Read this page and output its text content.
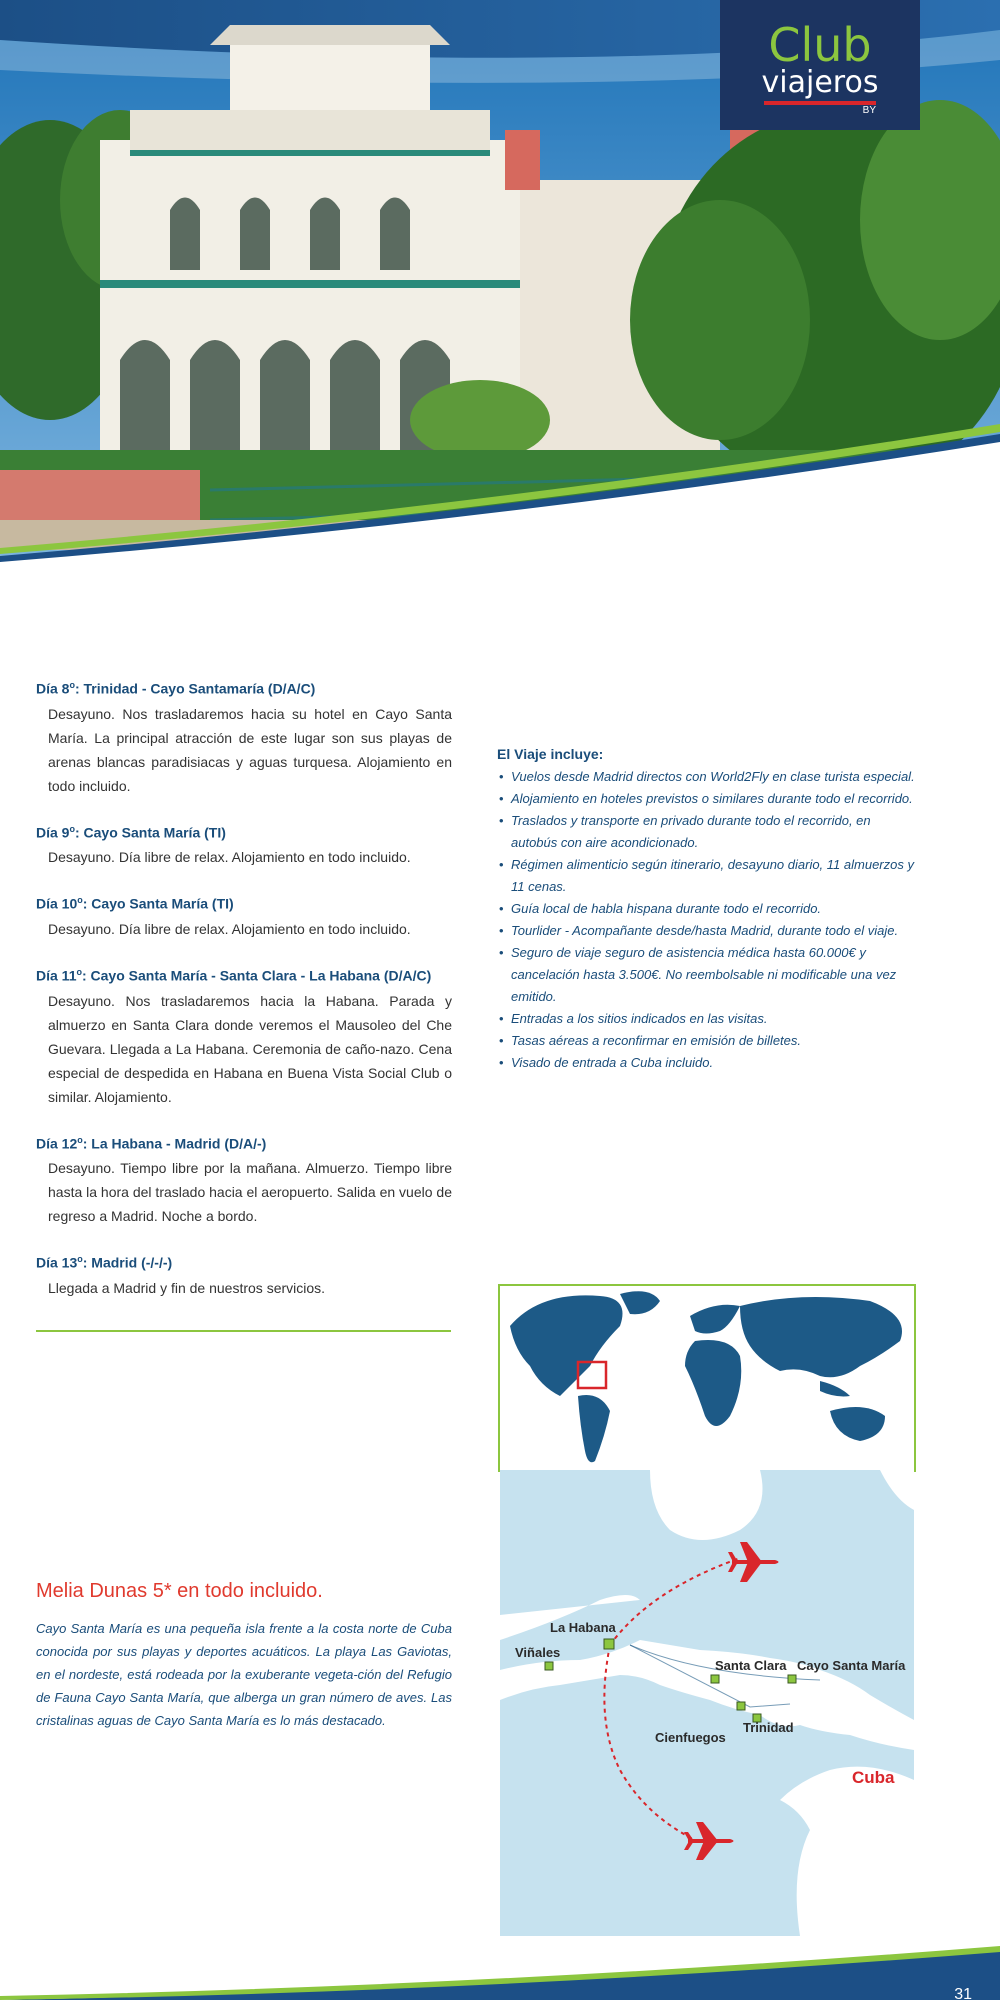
Club
viajeros
BY
Día 8$^o$: Trinidad - Cayo Santamaría (D/A/C)

Desayuno. Nos trasladaremos hacia su hotel en Cayo Santa María. La principal atracción de este lugar son sus playas de arenas blancas paradisiacas y aguas turquesa. Alojamiento en todo incluido.

Día 9$^o$: Cayo Santa María (TI)

Desayuno. Día libre de relax. Alojamiento en todo incluido.

Día 10$^o$: Cayo Santa María (TI)

Desayuno. Día libre de relax. Alojamiento en todo incluido.

Día 11$^o$: Cayo Santa María - Santa Clara - La Habana (D/A/C)

Desayuno. Nos trasladaremos hacia la Habana. Parada y almuerzo en Santa Clara donde veremos el Mausoleo del Che Guevara. Llegada a La Habana. Ceremonia de caño-nazo. Cena especial de despedida en Habana en Buena Vista Social Club o similar. Alojamiento.

Día 12$^o$: La Habana - Madrid (D/A/-)

Desayuno. Tiempo libre por la mañana. Almuerzo. Tiempo libre hasta la hora del traslado hacia el aeropuerto. Salida en vuelo de regreso a Madrid. Noche a bordo.

Día 13$^o$: Madrid (-/-/-)

Llegada a Madrid y fin de nuestros servicios.

El Viaje incluye:
• Vuelos desde Madrid directos con World2Fly en clase turista especial.
• Alojamiento en hoteles previstos o similares durante todo el recorrido.
• Traslados y transporte en privado durante todo el recorrido, en autobús con aire acondicionado.
• Régimen alimenticio según itinerario, desayuno diario, 11 almuerzos y 11 cenas.
• Guía local de habla hispana durante todo el recorrido.
• Tourlider - Acompañante desde/hasta Madrid, durante todo el viaje.
• Seguro de viaje seguro de asistencia médica hasta 60.000€ y cancelación hasta 3.500€. No reembolsable ni modificable una vez emitido.
• Entradas a los sitios indicados en las visitas.
• Tasas aéreas a reconfirmar en emisión de billetes.
• Visado de entrada a Cuba incluido.
La Habana
Viñales
Santa Clara Cayo Santa María
Cienfuegos
Trinidad
Cuba
Melia Dunas 5* en todo incluido.

Cayo Santa María es una pequeña isla frente a la costa norte de Cuba conocida por sus playas y deportes acuáticos. La playa Las Gaviotas, en el nordeste, está rodeada por la exuberante vegeta-ción del Refugio de Fauna Cayo Santa María, que alberga un gran número de aves. Las cristalinas aguas de Cayo Santa María es lo más destacado.

31
